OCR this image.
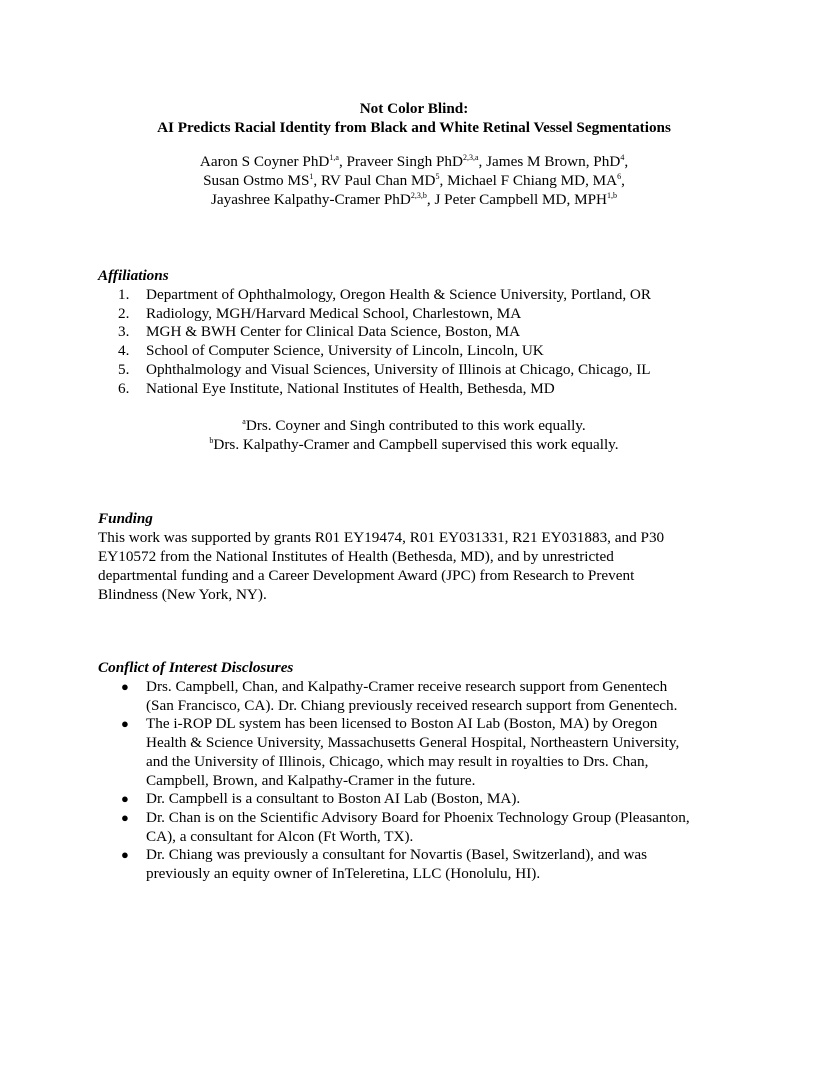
Not Color Blind:
AI Predicts Racial Identity from Black and White Retinal Vessel Segmentations
Aaron S Coyner PhD$^{1,a}$, Praveer Singh PhD$^{2,3,a}$, James M Brown, PhD$^4$,
Susan Ostmo $MS^1$, RV Paul Chan $MD^5$, Michael F Chiang MD, $MA^6$,
Jayashree Kalpathy-Cramer PhD$^{2,3,b}$, J Peter Campbell MD, MPH$^{1,b}$
Affiliations
1. Department of Ophthalmology, Oregon Health & Science University, Portland, OR
2. Radiology, MGH/Harvard Medical School, Charlestown, MA
3. MGH & BWH Center for Clinical Data Science, Boston, MA
4. School of Computer Science, University of Lincoln, Lincoln, UK
5. Ophthalmology and Visual Sciences, University of Illinois at Chicago, Chicago, IL
6. National Eye Institute, National Institutes of Health, Bethesda, MD
$^a$Drs. Coyner and Singh contributed to this work equally.
$^b$Drs. Kalpathy-Cramer and Campbell supervised this work equally.
Funding
This work was supported by grants R01 EY19474, R01 EY031331, R21 EY031883, and P30
EY10572 from the National Institutes of Health (Bethesda, MD), and by unrestricted
departmental funding and a Career Development Award (JPC) from Research to Prevent
Blindness (New York, NY).
Conflict of Interest Disclosures
● Drs. Campbell, Chan, and Kalpathy-Cramer receive research support from Genentech
(San Francisco, CA). Dr. Chiang previously received research support from Genentech.
● The i-ROP DL system has been licensed to Boston AI Lab (Boston, MA) by Oregon
Health & Science University, Massachusetts General Hospital, Northeastern University,
and the University of Illinois, Chicago, which may result in royalties to Drs. Chan,
Campbell, Brown, and Kalpathy-Cramer in the future.
● Dr. Campbell is a consultant to Boston AI Lab (Boston, MA).
● Dr. Chan is on the Scientific Advisory Board for Phoenix Technology Group (Pleasanton,
CA), a consultant for Alcon (Ft Worth, TX).
● Dr. Chiang was previously a consultant for Novartis (Basel, Switzerland), and was
previously an equity owner of InTeleretina, LLC (Honolulu, HI).
